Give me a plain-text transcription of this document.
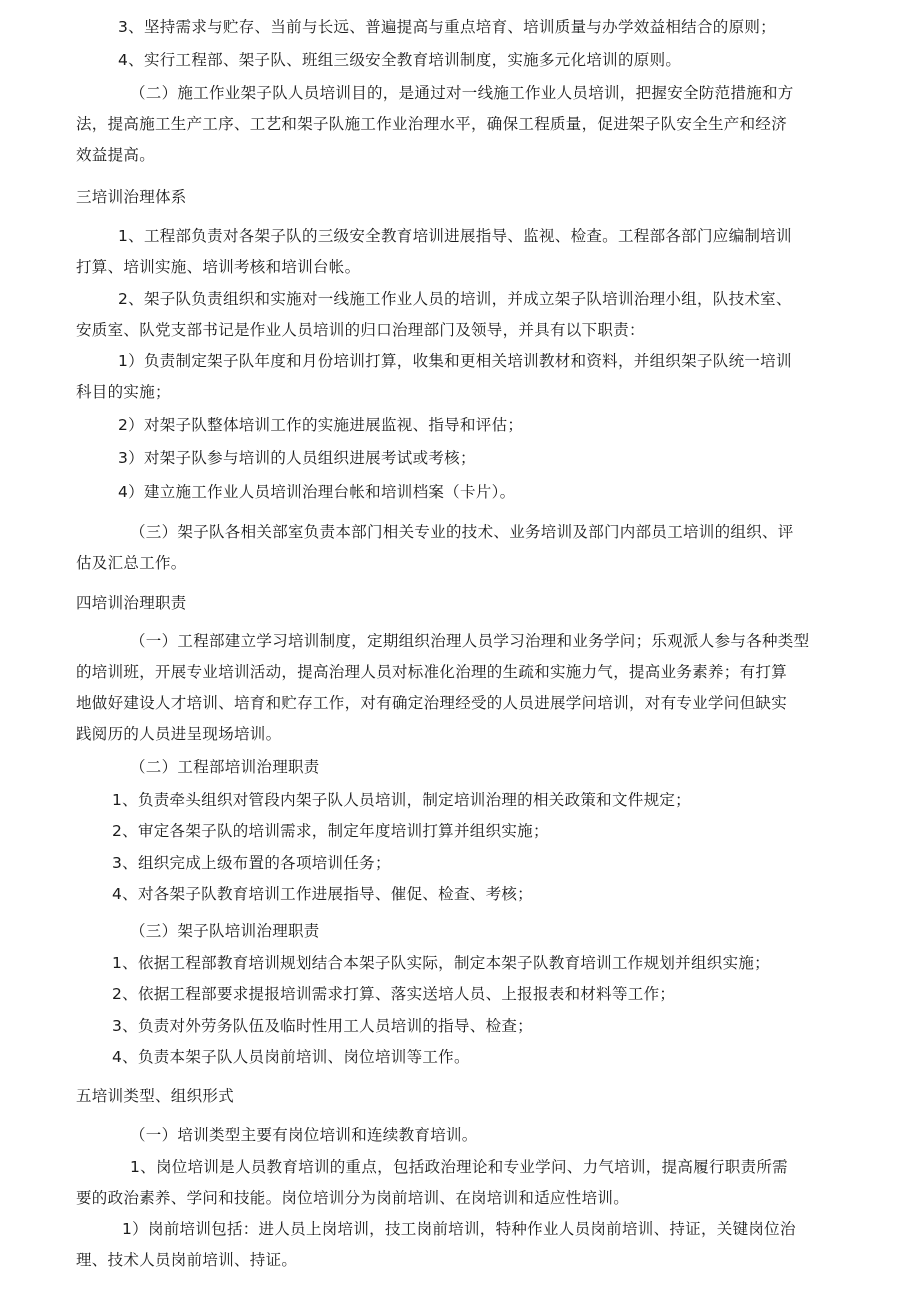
3、坚持需求与贮存、当前与长远、普遍提高与重点培育、培训质量与办学效益相结合的原则；
4、实行工程部、架子队、班组三级安全教育培训制度，实施多元化培训的原则。
（二）施工作业架子队人员培训目的，是通过对一线施工作业人员培训，把握安全防范措施和方
法，提高施工生产工序、工艺和架子队施工作业治理水平，确保工程质量，促进架子队安全生产和经济
效益提高。
三培训治理体系
1、工程部负责对各架子队的三级安全教育培训进展指导、监视、检查。工程部各部门应编制培训
打算、培训实施、培训考核和培训台帐。
2、架子队负责组织和实施对一线施工作业人员的培训，并成立架子队培训治理小组，队技术室、
安质室、队党支部书记是作业人员培训的归口治理部门及领导，并具有以下职责：
1）负责制定架子队年度和月份培训打算，收集和更相关培训教材和资料，并组织架子队统一培训
科目的实施；
2）对架子队整体培训工作的实施进展监视、指导和评估；
3）对架子队参与培训的人员组织进展考试或考核；
4）建立施工作业人员培训治理台帐和培训档案（卡片）。
（三）架子队各相关部室负责本部门相关专业的技术、业务培训及部门内部员工培训的组织、评
估及汇总工作。
四培训治理职责
（一）工程部建立学习培训制度，定期组织治理人员学习治理和业务学问；乐观派人参与各种类型
的培训班，开展专业培训活动，提高治理人员对标准化治理的生疏和实施力气，提高业务素养；有打算
地做好建设人才培训、培育和贮存工作，对有确定治理经受的人员进展学问培训，对有专业学问但缺实
践阅历的人员进呈现场培训。
（二）工程部培训治理职责
1、负责牵头组织对管段内架子队人员培训，制定培训治理的相关政策和文件规定；
2、审定各架子队的培训需求，制定年度培训打算并组织实施；
3、组织完成上级布置的各项培训任务；
4、对各架子队教育培训工作进展指导、催促、检查、考核；
（三）架子队培训治理职责
1、依据工程部教育培训规划结合本架子队实际，制定本架子队教育培训工作规划并组织实施；
2、依据工程部要求提报培训需求打算、落实送培人员、上报报表和材料等工作；
3、负责对外劳务队伍及临时性用工人员培训的指导、检查；
4、负责本架子队人员岗前培训、岗位培训等工作。
五培训类型、组织形式
（一）培训类型主要有岗位培训和连续教育培训。
1、岗位培训是人员教育培训的重点，包括政治理论和专业学问、力气培训，提高履行职责所需
要的政治素养、学问和技能。岗位培训分为岗前培训、在岗培训和适应性培训。
1）岗前培训包括：进人员上岗培训，技工岗前培训，特种作业人员岗前培训、持证，关键岗位治
理、技术人员岗前培训、持证。
